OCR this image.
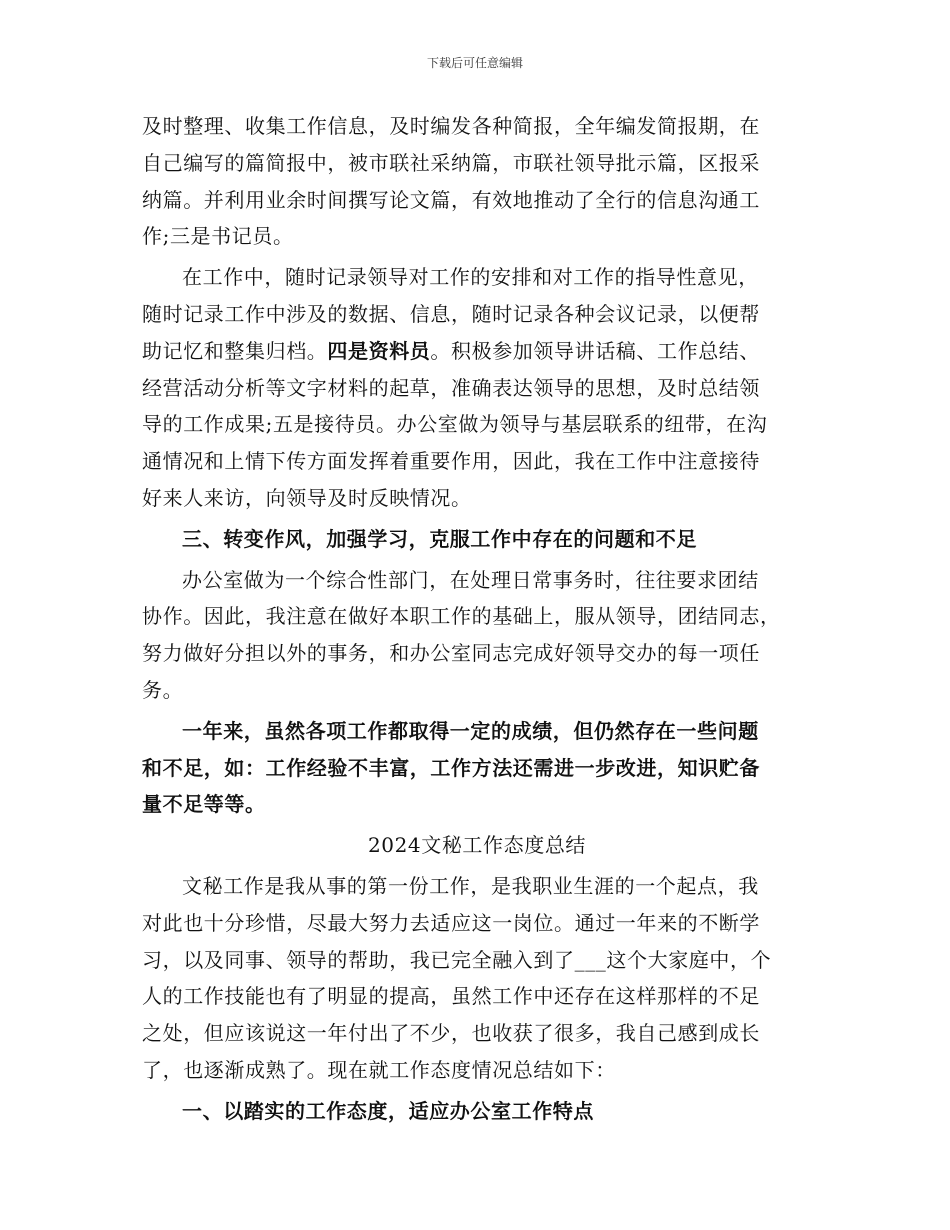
下载后可任意编辑

及时整理、收集工作信息，及时编发各种简报，全年编发简报期，在
自己编写的篇简报中，被市联社采纳篇，市联社领导批示篇，区报采
纳篇。并利用业余时间撰写论文篇，有效地推动了全行的信息沟通工
作;三是书记员。

在工作中，随时记录领导对工作的安排和对工作的指导性意见，
随时记录工作中涉及的数据、信息，随时记录各种会议记录，以便帮
助记忆和整集归档。四是资料员。积极参加领导讲话稿、工作总结、
经营活动分析等文字材料的起草，准确表达领导的思想，及时总结领
导的工作成果;五是接待员。办公室做为领导与基层联系的纽带，在沟
通情况和上情下传方面发挥着重要作用，因此，我在工作中注意接待
好来人来访，向领导及时反映情况。

三、转变作风，加强学习，克服工作中存在的问题和不足

办公室做为一个综合性部门，在处理日常事务时，往往要求团结
协作。因此，我注意在做好本职工作的基础上，服从领导，团结同志，
努力做好分担以外的事务，和办公室同志完成好领导交办的每一项任
务。

一年来，虽然各项工作都取得一定的成绩，但仍然存在一些问题
和不足，如：工作经验不丰富，工作方法还需进一步改进，知识贮备
量不足等等。

2024文秘工作态度总结

文秘工作是我从事的第一份工作，是我职业生涯的一个起点，我
对此也十分珍惜，尽最大努力去适应这一岗位。通过一年来的不断学
习，以及同事、领导的帮助，我已完全融入到了___这个大家庭中，个
人的工作技能也有了明显的提高，虽然工作中还存在这样那样的不足
之处，但应该说这一年付出了不少，也收获了很多，我自己感到成长
了，也逐渐成熟了。现在就工作态度情况总结如下：

一、以踏实的工作态度，适应办公室工作特点
